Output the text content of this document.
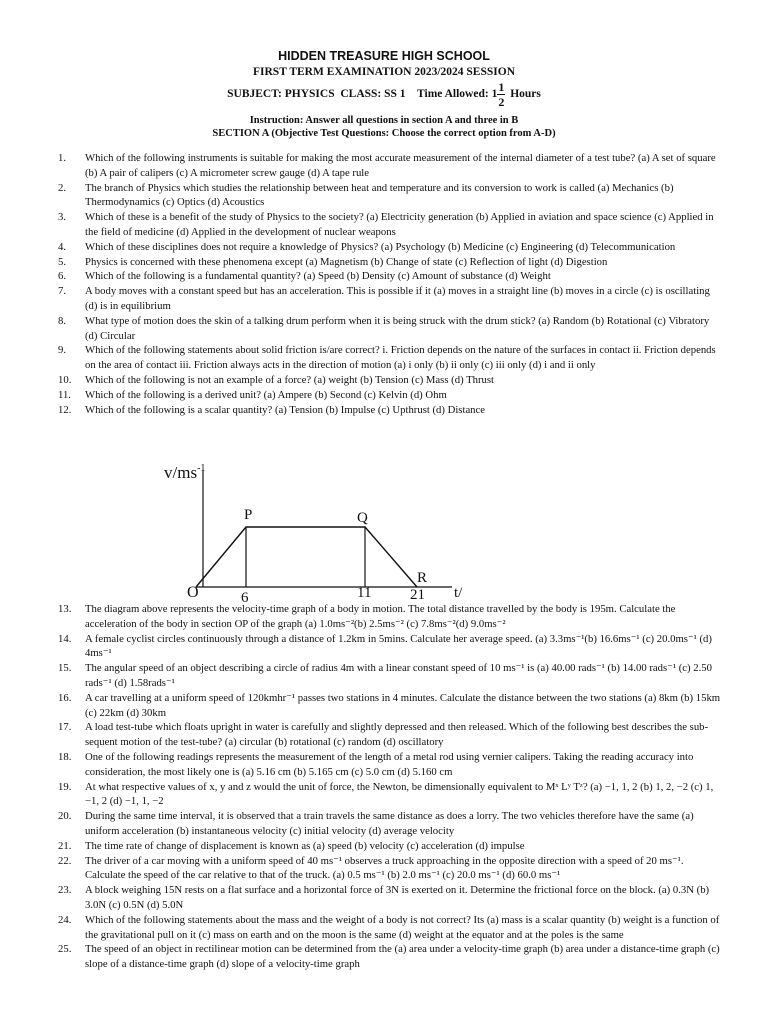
HIDDEN TREASURE HIGH SCHOOL
FIRST TERM EXAMINATION 2023/2024 SESSION
SUBJECT: PHYSICS  CLASS: SS 1    Time Allowed: $1 \frac{1}{2}$ Hours
Instruction: Answer all questions in section A and three in B
SECTION A (Objective Test Questions: Choose the correct option from A-D)
1.	Which of the following instruments is suitable for making the most accurate measurement of the internal diameter of a test tube? (a) A set of square (b) A pair of calipers (c) A micrometer screw gauge (d) A tape rule
2.	The branch of Physics which studies the relationship between heat and temperature and its conversion to work is called (a) Mechanics (b) Thermodynamics (c) Optics (d) Acoustics
3.	Which of these is a benefit of the study of Physics to the society? (a) Electricity generation (b) Applied in aviation and space science (c) Applied in the field of medicine (d) Applied in the development of nuclear weapons
4.	Which of these disciplines does not require a knowledge of Physics? (a) Psychology (b) Medicine (c) Engineering (d) Telecommunication
5.	Physics is concerned with these phenomena except (a) Magnetism (b) Change of state (c) Reflection of light (d) Digestion
6.	Which of the following is a fundamental quantity? (a) Speed (b) Density (c) Amount of substance (d) Weight
7.	A body moves with a constant speed but has an acceleration. This is possible if it (a) moves in a straight line (b) moves in a circle (c) is oscillating (d) is in equilibrium
8.	What type of motion does the skin of a talking drum perform when it is being struck with the drum stick? (a) Random (b) Rotational (c) Vibratory (d) Circular
9.	Which of the following statements about solid friction is/are correct? i. Friction depends on the nature of the surfaces in contact ii. Friction depends on the area of contact iii. Friction always acts in the direction of motion (a) i only (b) ii only (c) iii only (d) i and ii only
10.	Which of the following is not an example of a force? (a) weight (b) Tension (c) Mass (d) Thrust
11.	Which of the following is a derived unit? (a) Ampere (b) Second (c) Kelvin (d) Ohm
12.	Which of the following is a scalar quantity? (a) Tension (b) Impulse (c) Upthrust (d) Distance
$v/ms^{-1}$
P	Q
R
O	6	11	21 t/
13.	The diagram above represents the velocity-time graph of a body in motion. The total distance travelled by the body is 195m. Calculate the acceleration of the body in section OP of the graph (a) 1.0ms⁻²(b) 2.5ms⁻² (c) 7.8ms⁻²(d) 9.0ms⁻²
14.	A female cyclist circles continuously through a distance of 1.2km in 5mins. Calculate her average speed. (a) 3.3ms⁻¹(b) 16.6ms⁻¹ (c) 20.0ms⁻¹ (d) 4ms⁻¹
15.	The angular speed of an object describing a circle of radius 4m with a linear constant speed of 10 ms⁻¹ is (a) 40.00 rads⁻¹ (b) 14.00 rads⁻¹ (c) 2.50 rads⁻¹ (d) 1.58rads⁻¹
16.	A car travelling at a uniform speed of 120kmhr⁻¹ passes two stations in 4 minutes. Calculate the distance between the two stations (a) 8km (b) 15km (c) 22km (d) 30km
17.	A load test-tube which floats upright in water is carefully and slightly depressed and then released. Which of the following best describes the sub-sequent motion of the test-tube? (a) circular (b) rotational (c) random (d) oscillatory
18.	One of the following readings represents the measurement of the length of a metal rod using vernier calipers. Taking the reading accuracy into consideration, the most likely one is (a) 5.16 cm (b) 5.165 cm (c) 5.0 cm (d) 5.160 cm
19.	At what respective values of x, y and z would the unit of force, the Newton, be dimensionally equivalent to Mˣ Lʸ Tᶻ? (a) −1, 1, 2 (b) 1, 2, −2 (c) 1, −1, 2 (d) −1, 1, −2
20.	During the same time interval, it is observed that a train travels the same distance as does a lorry. The two vehicles therefore have the same (a) uniform acceleration (b) instantaneous velocity (c) initial velocity (d) average velocity
21.	The time rate of change of displacement is known as (a) speed (b) velocity (c) acceleration (d) impulse
22.	The driver of a car moving with a uniform speed of 40 ms⁻¹ observes a truck approaching in the opposite direction with a speed of 20 ms⁻¹. Calculate the speed of the car relative to that of the truck. (a) 0.5 ms⁻¹ (b) 2.0 ms⁻¹ (c) 20.0 ms⁻¹ (d) 60.0 ms⁻¹
23.	A block weighing 15N rests on a flat surface and a horizontal force of 3N is exerted on it. Determine the frictional force on the block. (a) 0.3N (b) 3.0N (c) 0.5N (d) 5.0N
24.	Which of the following statements about the mass and the weight of a body is not correct? Its (a) mass is a scalar quantity (b) weight is a function of the gravitational pull on it (c) mass on earth and on the moon is the same (d) weight at the equator and at the poles is the same
25.	The speed of an object in rectilinear motion can be determined from the (a) area under a velocity-time graph (b) area under a distance-time graph (c) slope of a distance-time graph (d) slope of a velocity-time graph
